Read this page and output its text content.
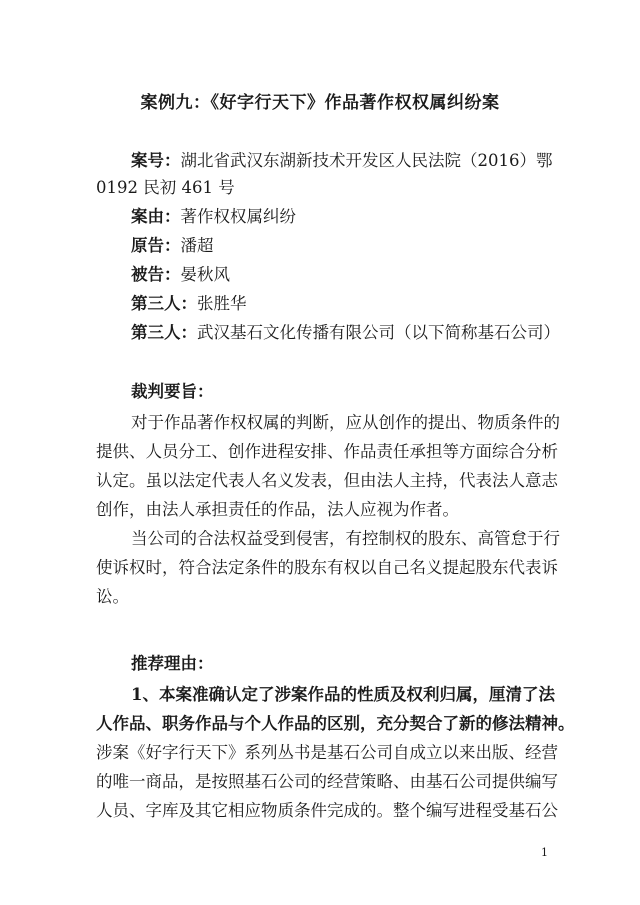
案例九：《好字行天下》作品著作权权属纠纷案
案号：湖北省武汉东湖新技术开发区人民法院（2016）鄂
0192 民初 461 号
案由：著作权权属纠纷
原告：潘超
被告：晏秋风
第三人：张胜华
第三人：武汉基石文化传播有限公司（以下简称基石公司）
裁判要旨：
对于作品著作权权属的判断，应从创作的提出、物质条件的
提供、人员分工、创作进程安排、作品责任承担等方面综合分析
认定。虽以法定代表人名义发表，但由法人主持，代表法人意志
创作，由法人承担责任的作品，法人应视为作者。
当公司的合法权益受到侵害，有控制权的股东、高管怠于行
使诉权时，符合法定条件的股东有权以自己名义提起股东代表诉
讼。
推荐理由：
1、本案准确认定了涉案作品的性质及权利归属，厘清了法
人作品、职务作品与个人作品的区别，充分契合了新的修法精神。
涉案《好字行天下》系列丛书是基石公司自成立以来出版、经营
的唯一商品，是按照基石公司的经营策略、由基石公司提供编写
人员、字库及其它相应物质条件完成的。整个编写进程受基石公
1
